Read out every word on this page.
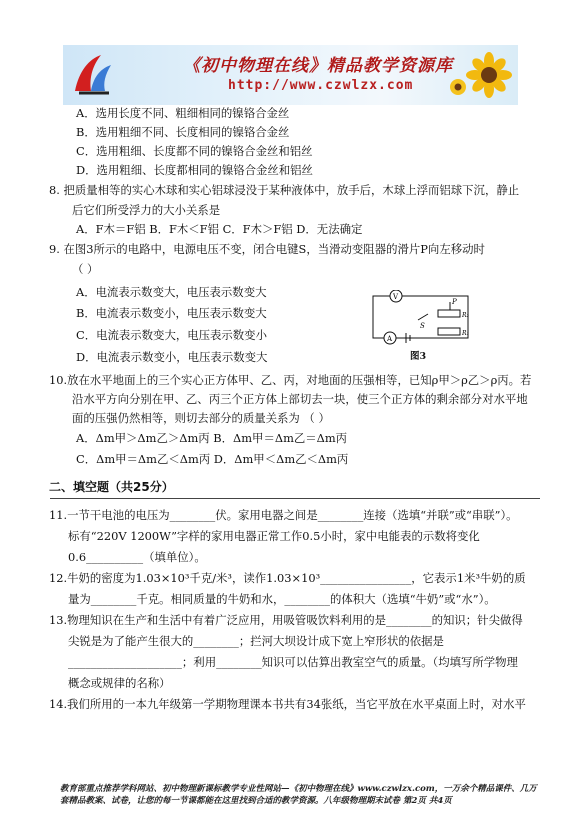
《初中物理在线》精品教学资源库
http://www.czwlzx.com
A．选用长度不同、粗细相同的镍铬合金丝
B．选用粗细不同、长度相同的镍铬合金丝
C．选用粗细、长度都不同的镍铬合金丝和铝丝
D．选用粗细、长度都相同的镍铬合金丝和铝丝
8. 把质量相等的实心木球和实心铝球浸没于某种液体中，放手后，木球上浮而铝球下沉，静止
后它们所受浮力的大小关系是
A．F木＝F铝 B．F木＜F铝 C．F木＞F铝 D．无法确定
9. 在图3所示的电路中，电源电压不变，闭合电键S，当滑动变阻器的滑片P向左移动时
（ ）
A．电流表示数变大，电压表示数变大
B．电流表示数变小，电压表示数变大
C．电流表示数变大，电压表示数变小
D．电流表示数变小，电压表示数变大
V
A
S
P
R₂
R₁
图3
10.放在水平地面上的三个实心正方体甲、乙、丙，对地面的压强相等，已知ρ甲＞ρ乙＞ρ丙。若
沿水平方向分别在甲、乙、丙三个正方体上部切去一块，使三个正方体的剩余部分对水平地
面的压强仍然相等，则切去部分的质量关系为 （ ）
A．Δm甲＞Δm乙＞Δm丙 B．Δm甲＝Δm乙＝Δm丙
C．Δm甲＝Δm乙＜Δm丙 D．Δm甲＜Δm乙＜Δm丙
二、填空题（共25分）
11.一节干电池的电压为________伏。家用电器之间是________连接（选填“并联”或“串联”）。
标有“220V 1200W”字样的家用电器正常工作0.5小时，家中电能表的示数将变化
0.6__________（填单位）。
12.牛奶的密度为1.03×10³千克/米³，读作1.03×10³________________，它表示1米³牛奶的质
量为________千克。相同质量的牛奶和水，________的体积大（选填“牛奶”或“水”）。
13.物理知识在生产和生活中有着广泛应用，用吸管吸饮料利用的是________的知识；针尖做得
尖锐是为了能产生很大的________；拦河大坝设计成下宽上窄形状的依据是
____________________；利用________知识可以估算出教室空气的质量。（均填写所学物理
概念或规律的名称）
14.我们所用的一本九年级第一学期物理课本书共有34张纸，当它平放在水平桌面上时，对水平
教育部重点推荐学科网站、初中物理新课标教学专业性网站—《初中物理在线》www.czwlzx.com，一万余个精品课件、几万套精品教案、试卷，让您的每一节课都能在这里找到合适的教学资源。八年级物理期末试卷 第2页 共4页
